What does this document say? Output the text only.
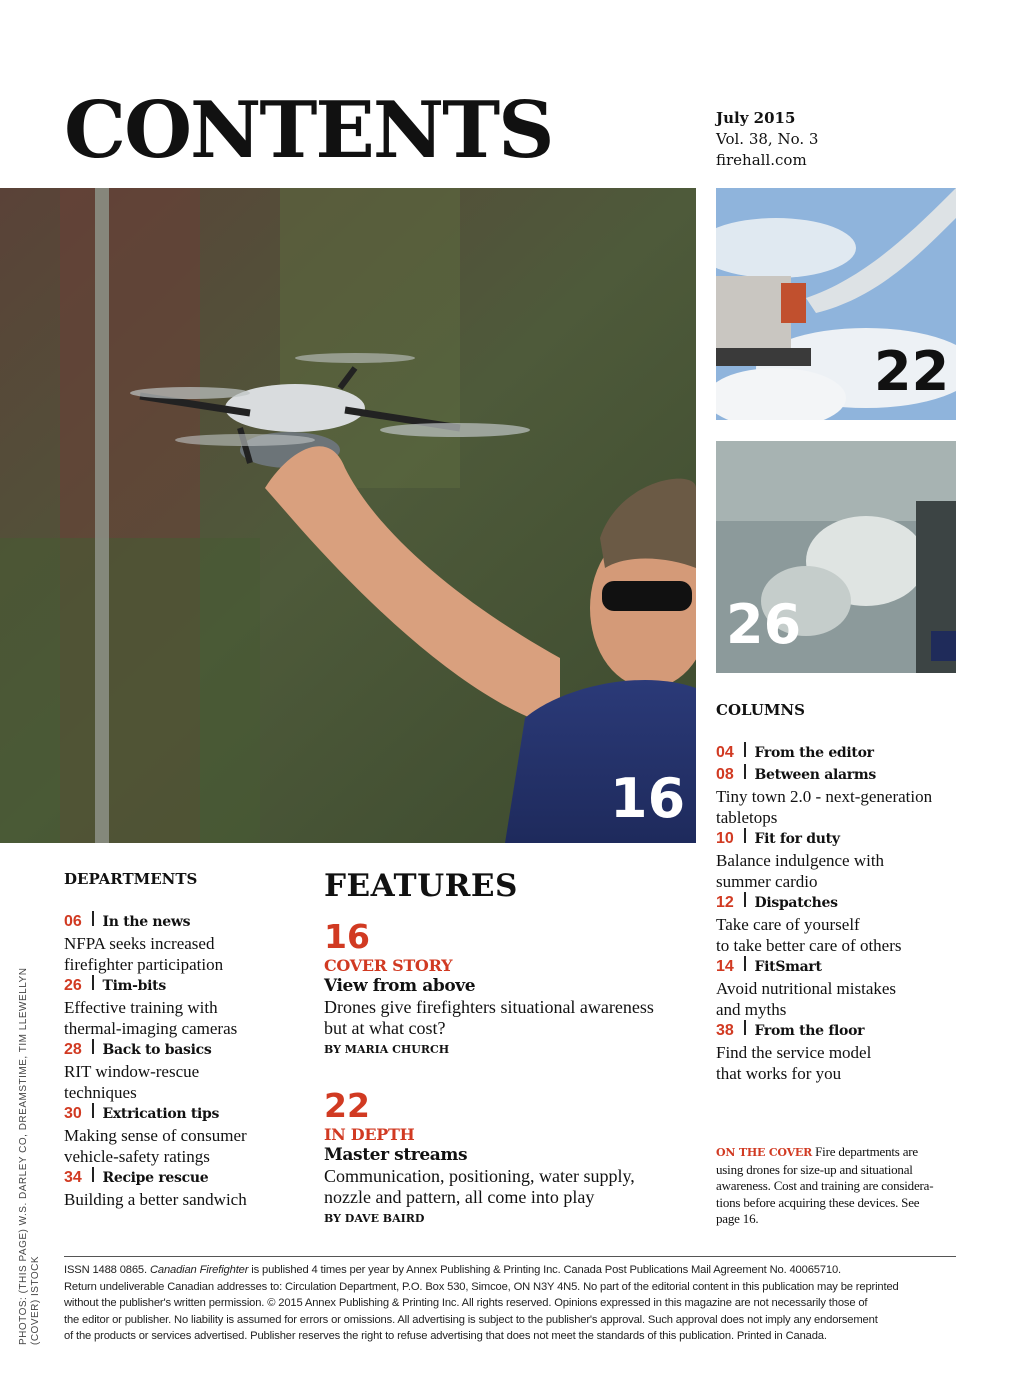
CONTENTS	July 2015
Vol. 38, No. 3
firehall.com
16
22
26
COLUMNS
04	From the editor
08	Between alarms
Tiny town 2.0 - next-generation
tabletops
10	Fit for duty
Balance indulgence with
summer cardio
12	Dispatches
Take care of yourself
to take better care of others
14	FitSmart
Avoid nutritional mistakes
and myths
38	From the floor
Find the service model
that works for you
DEPARTMENTS
06	In the news
NFPA seeks increased
firefighter participation
26	Tim-bits
Effective training with
thermal-imaging cameras
28	Back to basics
RIT window-rescue
techniques
30	Extrication tips
Making sense of consumer
vehicle-safety ratings
34	Recipe rescue
Building a better sandwich
FEATURES
16
COVER STORY
View from above
Drones give firefighters situational awareness
but at what cost?
BY MARIA CHURCH
22
IN DEPTH
Master streams
Communication, positioning, water supply,
nozzle and pattern, all come into play
BY DAVE BAIRD
ON THE COVER Fire departments are
using drones for size-up and situational
awareness. Cost and training are considera-
tions before acquiring these devices. See
page 16.
ISSN 1488 0865. Canadian Firefighter is published 4 times per year by Annex Publishing & Printing Inc. Canada Post Publications Mail Agreement No. 40065710.
Return undeliverable Canadian addresses to: Circulation Department, P.O. Box 530, Simcoe, ON N3Y 4N5. No part of the editorial content in this publication may be reprinted
without the publisher's written permission. © 2015 Annex Publishing & Printing Inc. All rights reserved. Opinions expressed in this magazine are not necessarily those of
the editor or publisher. No liability is assumed for errors or omissions. All advertising is subject to the publisher's approval. Such approval does not imply any endorsement
of the products or services advertised. Publisher reserves the right to refuse advertising that does not meet the standards of this publication. Printed in Canada.
PHOTOS: (THIS PAGE) W.S. DARLEY CO, DREAMSTIME, TIM LLEWELLYN (COVER) ISTOCK
